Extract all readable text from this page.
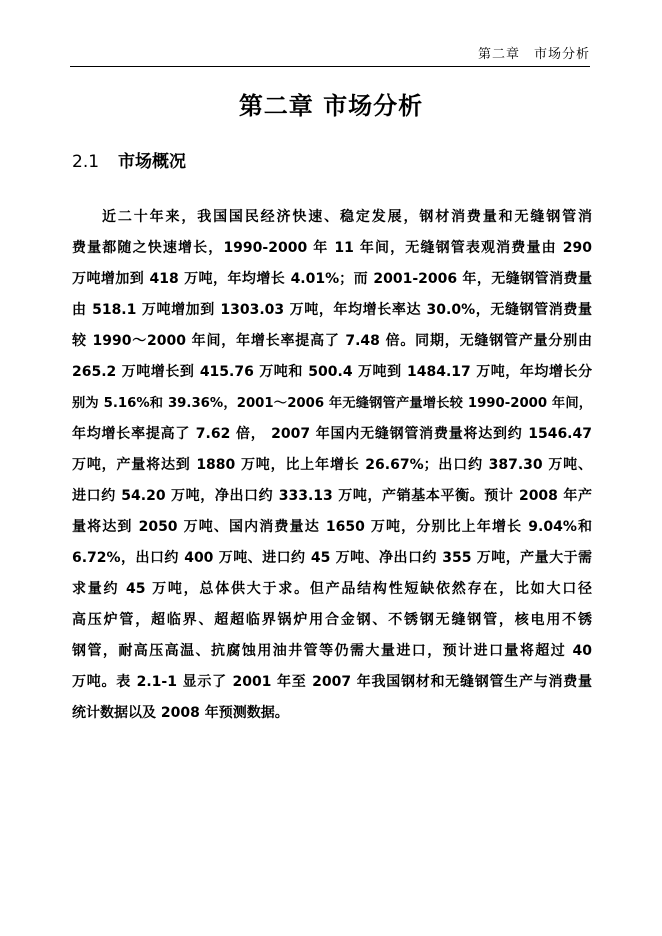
第二章　市场分析
第二章 市场分析
2.1 市场概况
近二十年来，我国国民经济快速、稳定发展，钢材消费量和无缝钢管消
费量都随之快速增长，1990-2000 年 11 年间，无缝钢管表观消费量由 290
万吨增加到 418 万吨，年均增长 4.01%；而 2001-2006 年，无缝钢管消费量
由 518.1 万吨增加到 1303.03 万吨，年均增长率达 30.0%，无缝钢管消费量
较 1990～2000 年间，年增长率提高了 7.48 倍。同期，无缝钢管产量分别由
265.2 万吨增长到 415.76 万吨和 500.4 万吨到 1484.17 万吨，年均增长分
别为 5.16%和 39.36%，2001～2006 年无缝钢管产量增长较 1990-2000 年间，
年均增长率提高了 7.62 倍， 2007 年国内无缝钢管消费量将达到约 1546.47
万吨，产量将达到 1880 万吨，比上年增长 26.67%；出口约 387.30 万吨、
进口约 54.20 万吨，净出口约 333.13 万吨，产销基本平衡。预计 2008 年产
量将达到 2050 万吨、国内消费量达 1650 万吨，分别比上年增长 9.04%和
6.72%，出口约 400 万吨、进口约 45 万吨、净出口约 355 万吨，产量大于需
求量约 45 万吨，总体供大于求。但产品结构性短缺依然存在，比如大口径
高压炉管，超临界、超超临界锅炉用合金钢、不锈钢无缝钢管，核电用不锈
钢管，耐高压高温、抗腐蚀用油井管等仍需大量进口，预计进口量将超过 40
万吨。表 2.1-1 显示了 2001 年至 2007 年我国钢材和无缝钢管生产与消费量
统计数据以及 2008 年预测数据。
